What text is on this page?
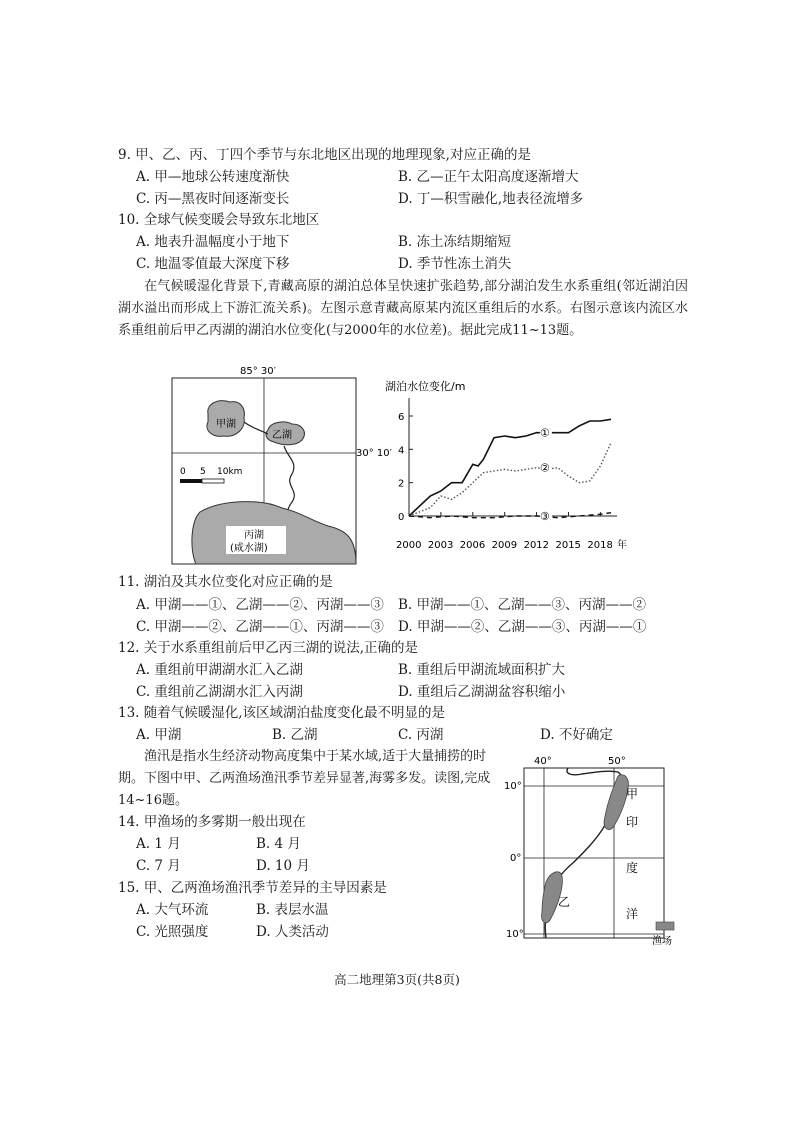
9. 甲、乙、丙、丁四个季节与东北地区出现的地理现象,对应正确的是
A. 甲—地球公转速度渐快	B. 乙—正午太阳高度逐渐增大
C. 丙—黑夜时间逐渐变长	D. 丁—积雪融化,地表径流增多
10. 全球气候变暖会导致东北地区
A. 地表升温幅度小于地下	B. 冻土冻结期缩短
C. 地温零值最大深度下移	D. 季节性冻土消失
在气候暖湿化背景下,青藏高原的湖泊总体呈快速扩张趋势,部分湖泊发生水系重组(邻近湖泊因湖水溢出而形成上下游汇流关系)。左图示意青藏高原某内流区重组后的水系。右图示意该内流区水系重组前后甲乙丙湖的湖泊水位变化(与2000年的水位差)。据此完成11~13题。
85° 30′
30° 10′
甲湖
乙湖
0 5 10km
丙湖
(咸水湖)
湖泊水位变化/m
0
2
4
6
2000 2003 2006 2009 2012 2015 2018
①
②
③
年
11. 湖泊及其水位变化对应正确的是
A. 甲湖——①、乙湖——②、丙湖——③ B. 甲湖——①、乙湖——③、丙湖——②
C. 甲湖——②、乙湖——①、丙湖——③ D. 甲湖——②、乙湖——③、丙湖——①
12. 关于水系重组前后甲乙丙三湖的说法,正确的是
A. 重组前甲湖湖水汇入乙湖	B. 重组后甲湖流域面积扩大
C. 重组前乙湖湖水汇入丙湖	D. 重组后乙湖湖盆容积缩小
13. 随着气候暖湿化,该区域湖泊盐度变化最不明显的是
A. 甲湖	B. 乙湖	C. 丙湖	D. 不好确定
渔汛是指水生经济动物高度集中于某水域,适于大量捕捞的时期。下图中甲、乙两渔场渔汛季节差异显著,海雾多发。读图,完成14~16题。
14. 甲渔场的多雾期一般出现在
A. 1 月	B. 4 月
C. 7 月	D. 10 月
15. 甲、乙两渔场渔汛季节差异的主导因素是
A. 大气环流	B. 表层水温
C. 光照强度	D. 人类活动
40°	50°
10°
0°
10°
甲
乙
印
度
洋
渔场
高二地理第3页(共8页)
